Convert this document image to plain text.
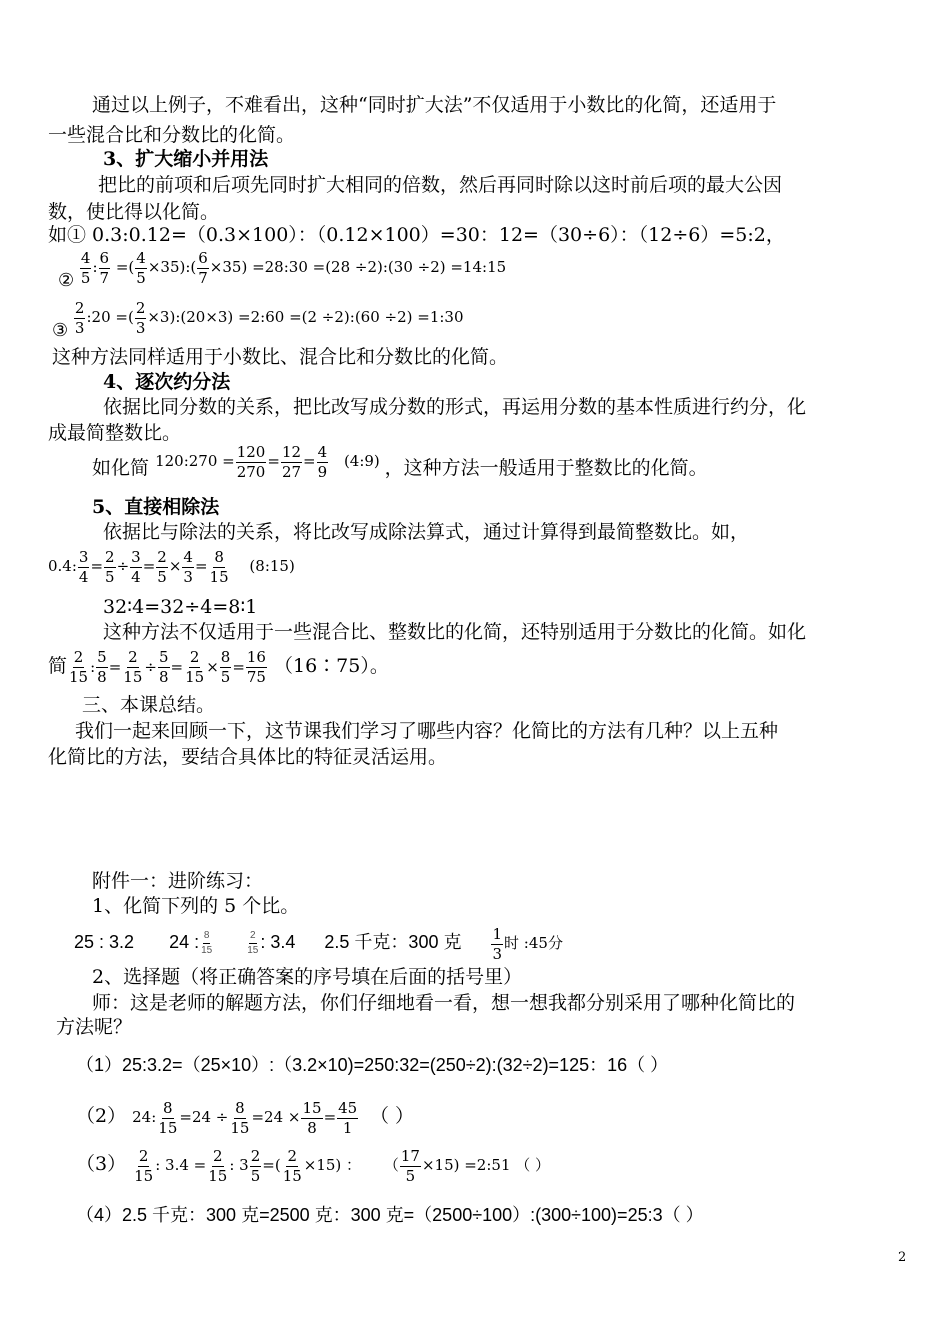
通过以上例子，不难看出，这种“同时扩大法”不仅适用于小数比的化简，还适用于
一些混合比和分数比的化简。
3、扩大缩小并用法
把比的前项和后项先同时扩大相同的倍数，然后再同时除以这时前后项的最大公因
数，使比得以化简。
如① 0.3:0.12=（0.3×100）：（0.12×100）=30：12=（30÷6）：（12÷6）=5:2，
② $\frac{4}{5}$ : $\frac{6}{7}$ =( $\frac{4}{5}$ ×35):( $\frac{6}{7} \times 35$) =28:30 =(28 ÷2):(30 ÷2) =14:15
③ $\frac{2}{3}$ :20 =( $\frac{2}{3}$ ×3):(20×3) =2:60 =(2 ÷2):(60 ÷2) =1:30
这种方法同样适用于小数比、混合比和分数比的化简。
4、逐次约分法
依据比同分数的关系，把比改写成分数的形式，再运用分数的基本性质进行约分，化
成最简整数比。
如化简 $^{120:270 = \frac{120}{270} = \frac{12}{27} = \frac{4}{9} (4:9)}$ ，这种方法一般适用于整数比的化简。
5、直接相除法
依据比与除法的关系，将比改写成除法算式，通过计算得到最简整数比。如，
0.4: $\frac{3}{4} = \frac{2}{5} \div \frac{3}{4} = \frac{2}{5} \times \frac{4}{3} = \frac{8}{15}$ (8:15)
32∶4=32÷4=8∶1
这种方法不仅适用于一些混合比、整数比的化简，还特别适用于分数比的化简。如化
简 $\frac{2}{15}$ : $\frac{5}{8} = \frac{2}{15} \div \frac{5}{8} = \frac{2}{15} \times \frac{8}{5} = \frac{16}{75}$ （16∶75）。
三、本课总结。
我们一起来回顾一下，这节课我们学习了哪些内容？化简比的方法有几种？以上五种
化简比的方法，要结合具体比的特征灵活运用。
附件一：进阶练习：
1、化简下列的 5 个比。
25 : 3.2 24 : $\frac{8}{15}$
	$\frac{2}{15}$ : 3.4 2.5 千克：300 克 $\frac{1}{3}$ 时 :45分
2、选择题（将正确答案的序号填在后面的括号里）
师：这是老师的解题方法，你们仔细地看一看，想一想我都分别采用了哪种化简比的
方法呢？
（1）25:3.2=（25×10）:（3.2×10)=250:32=(250÷2):(32÷2)=125：16（ ）
（2） 24: $\frac{8}{15} =24 \div \frac{8}{15} =24 \times \frac{15}{8} = \frac{45}{1}$ （ ）
$(3) \frac{2}{15}$ : $3.4 = \frac{2}{15}$ : $3 \frac{2}{5}$ =( $\frac{2}{15} \times 15$) ： （ $\frac{17}{5} \times 15$) =2:51 （ ）
（4）2.5 千克：300 克=2500 克：300 克=（2500÷100）:(300÷100)=25:3（ ）
2
